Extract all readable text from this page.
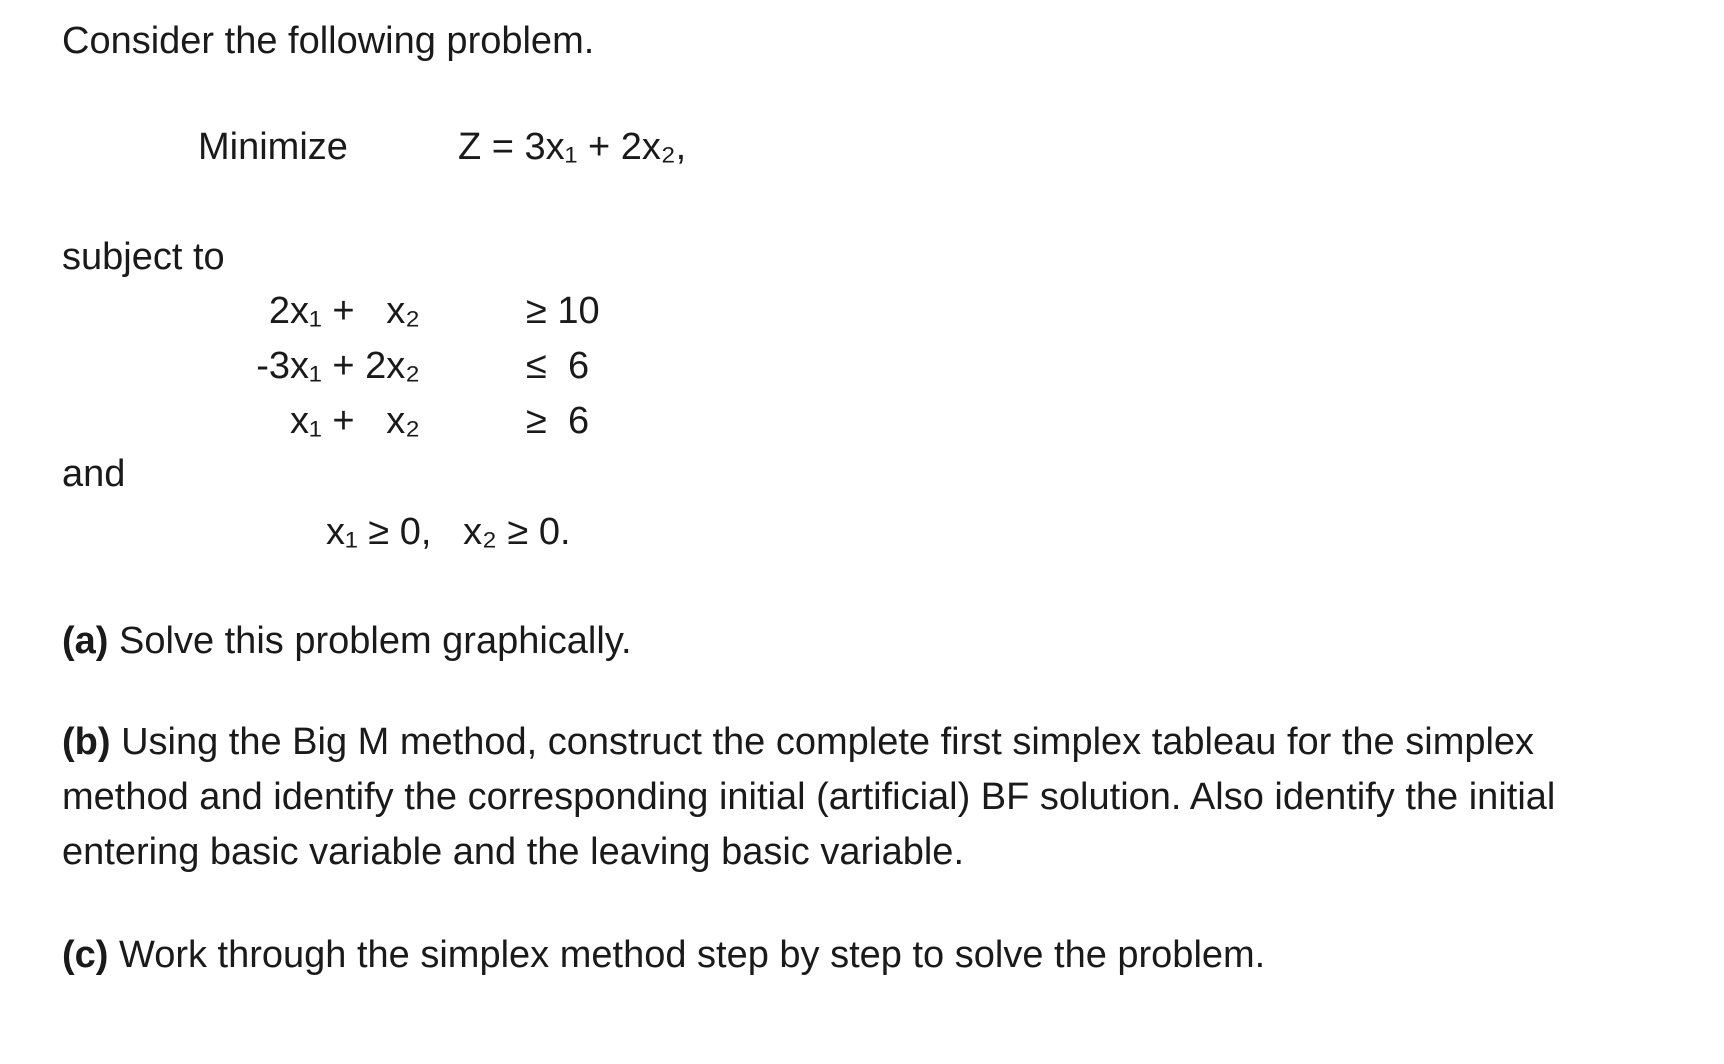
Consider the following problem.
Minimize	Z = 3x₁ + 2x₂,
subject to
2x₁ +   x₂	≥ 10
-3x₁ + 2x₂	≤  6
x₁ +   x₂	≥  6
and
x₁ ≥ 0,   x₂ ≥ 0.
(a) Solve this problem graphically.
(b) Using the Big M method, construct the complete first simplex tableau for the simplex method and identify the corresponding initial (artificial) BF solution. Also identify the initial entering basic variable and the leaving basic variable.
(c) Work through the simplex method step by step to solve the problem.
